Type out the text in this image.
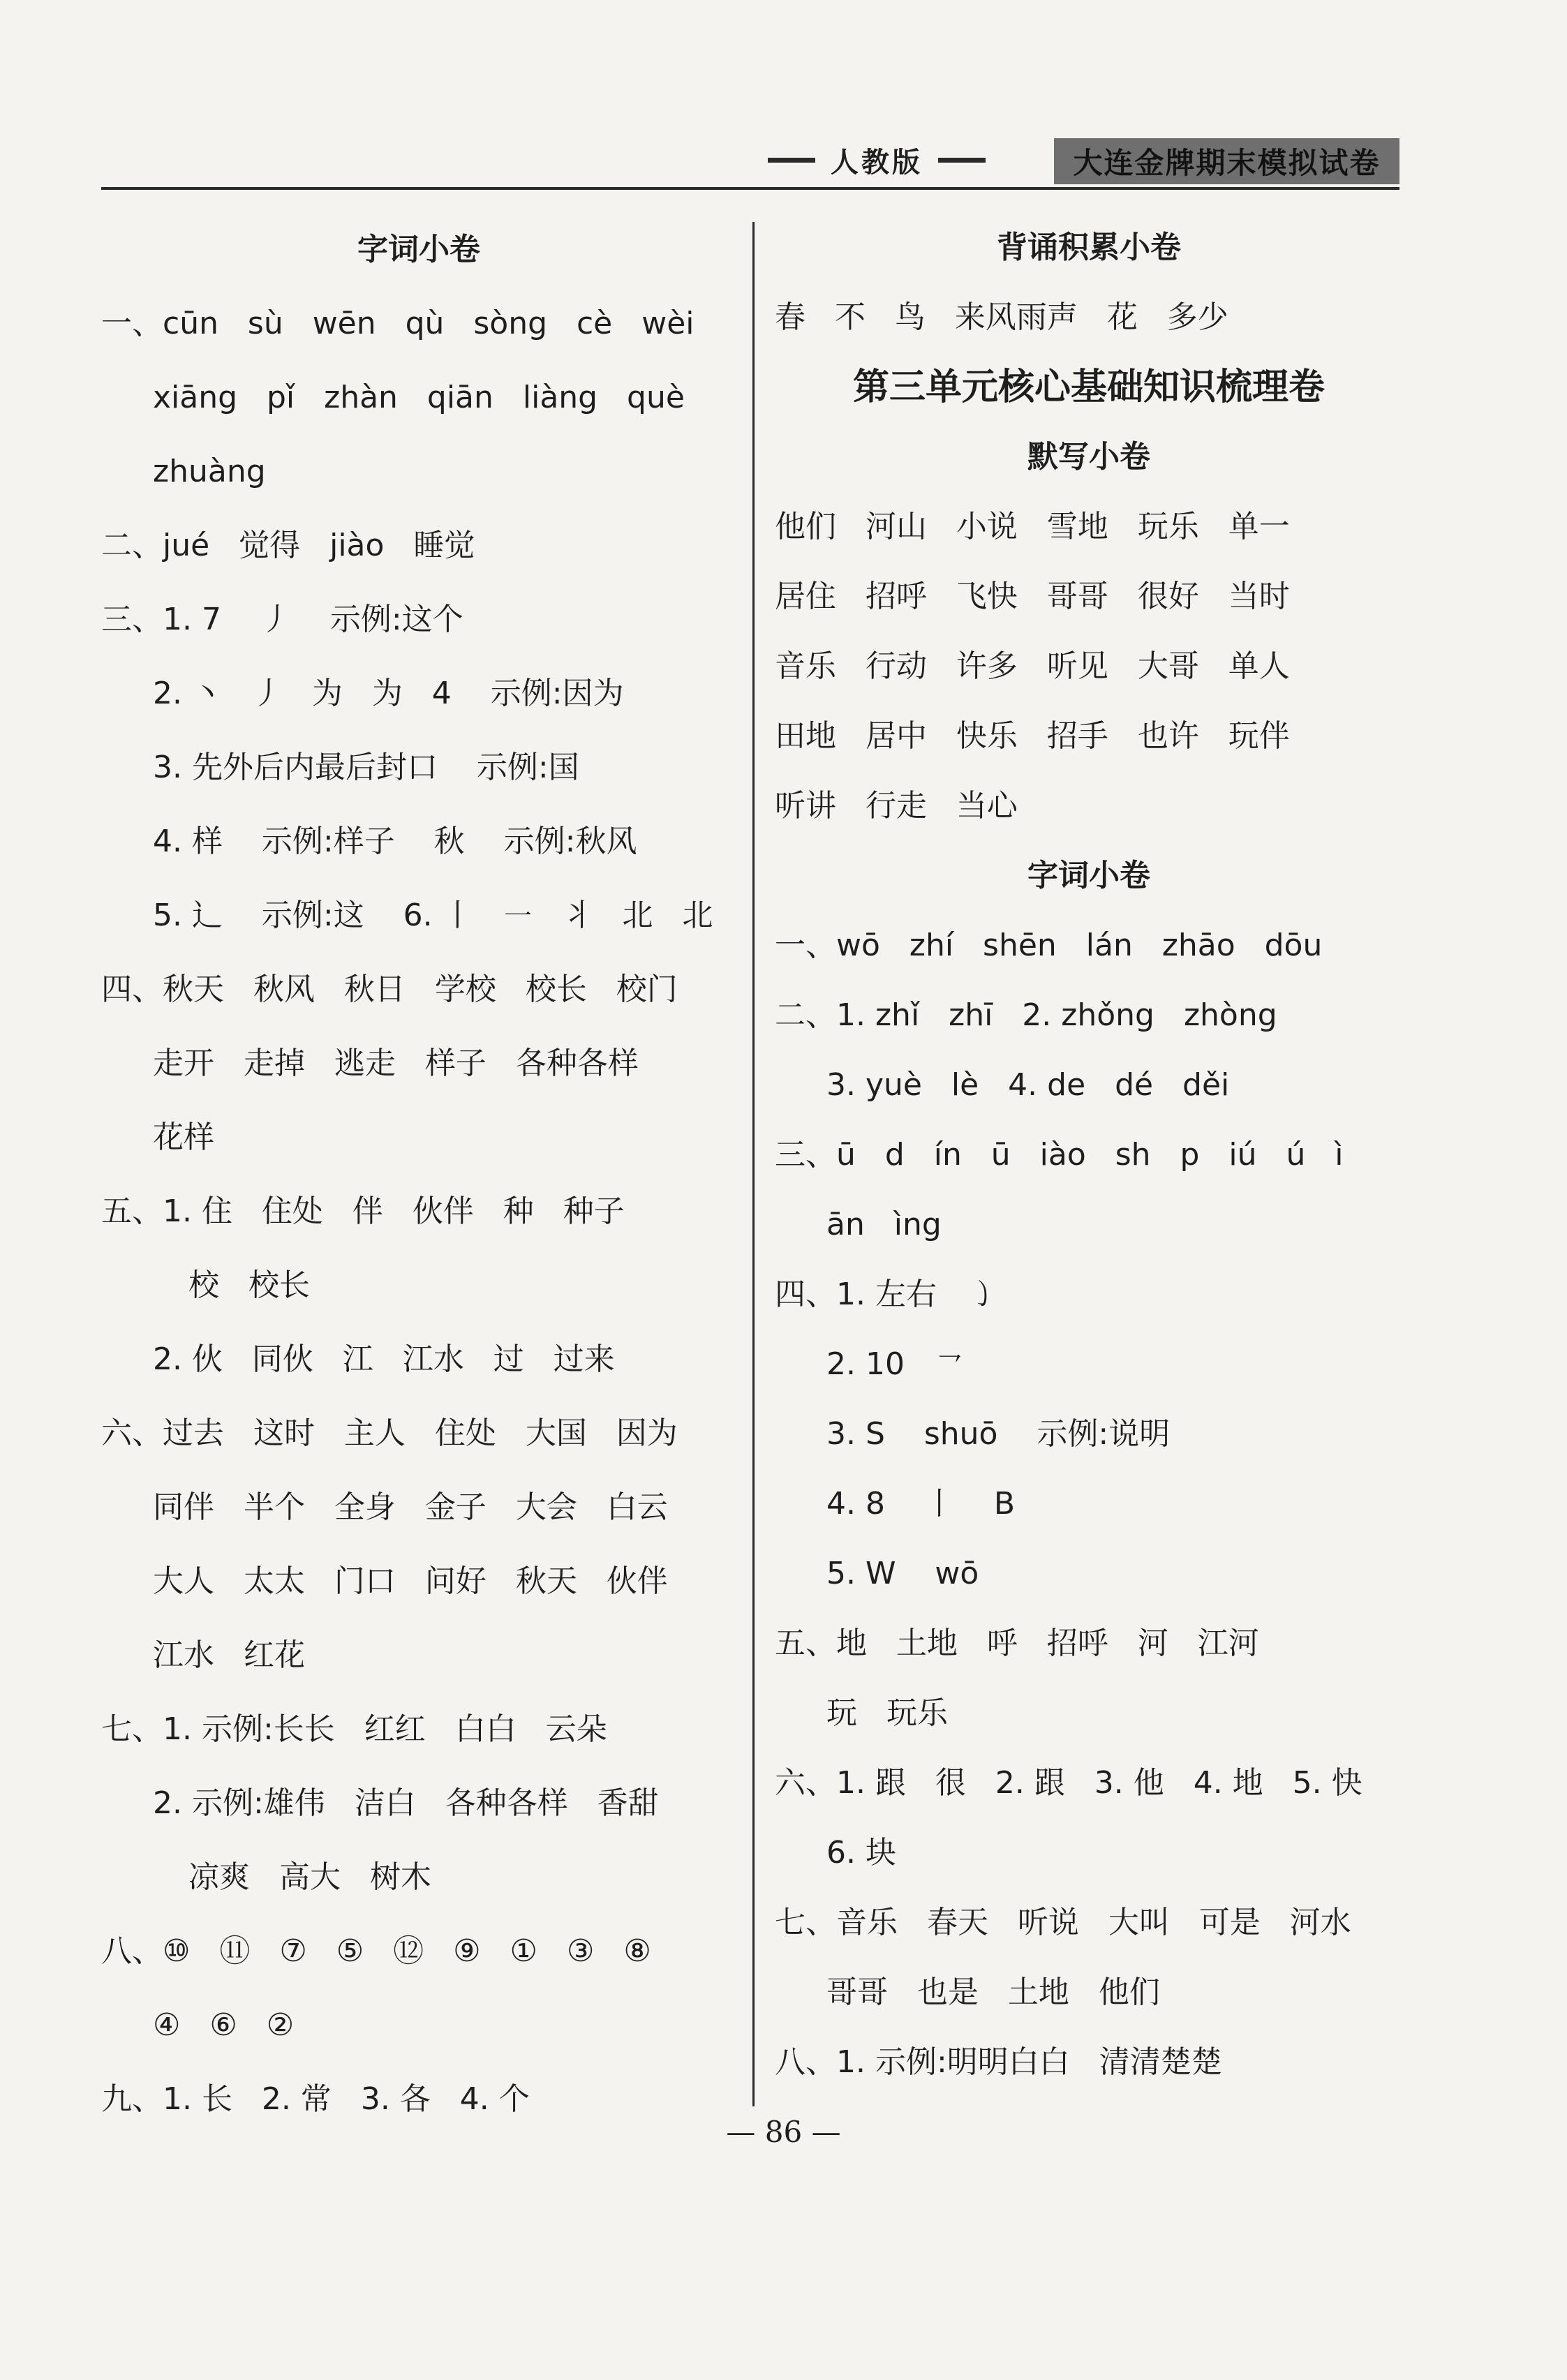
人教版	大连金牌期末模拟试卷
字词小卷
一、cūn   sù   wēn   qù   sòng   cè   wèi
xiāng   pǐ   zhàn   qiān   liàng   què
zhuàng
二、jué   觉得   jiào   睡觉
三、1. 7    丿    示例:这个
2. 丶   丿   为   为   4    示例:因为
3. 先外后内最后封口    示例:国
4. 样    示例:样子    秋    示例:秋风
5. 辶    示例:这    6. 丨   ㇐   丬   北   北
四、秋天   秋风   秋日   学校   校长   校门
走开   走掉   逃走   样子   各种各样
花样
五、1. 住   住处   伴   伙伴   种   种子
校   校长
2. 伙   同伙   江   江水   过   过来
六、过去   这时   主人   住处   大国   因为
同伴   半个   全身   金子   大会   白云
大人   太太   门口   问好   秋天   伙伴
江水   红花
七、1. 示例:长长   红红   白白   云朵
2. 示例:雄伟   洁白   各种各样   香甜
凉爽   高大   树木
八、⑩   ⑪   ⑦   ⑤   ⑫   ⑨   ①   ③   ⑧
④   ⑥   ②
九、1. 长   2. 常   3. 各   4. 个
背诵积累小卷
春   不   鸟   来风雨声   花   多少
第三单元核心基础知识梳理卷
默写小卷
他们   河山   小说   雪地   玩乐   单一
居住   招呼   飞快   哥哥   很好   当时
音乐   行动   许多   听见   大哥   单人
田地   居中   快乐   招手   也许   玩伴
听讲   行走   当心
字词小卷
一、wō   zhí   shēn   lán   zhāo   dōu
二、1. zhǐ   zhī   2. zhǒng   zhòng
3. yuè   lè   4. de   dé   děi
三、ū   d   ín   ū   iào   sh   p   iú   ú   ì
ān   ìng
四、1. 左右   ㇁
2. 10   ㇖
3. S    shuō    示例:说明
4. 8    丨    B
5. W    wō
五、地   土地   呼   招呼   河   江河
玩   玩乐
六、1. 跟   很   2. 跟   3. 他   4. 地   5. 快
6. 块
七、音乐   春天   听说   大叫   可是   河水
哥哥   也是   土地   他们
八、1. 示例:明明白白   清清楚楚
— 86 —
